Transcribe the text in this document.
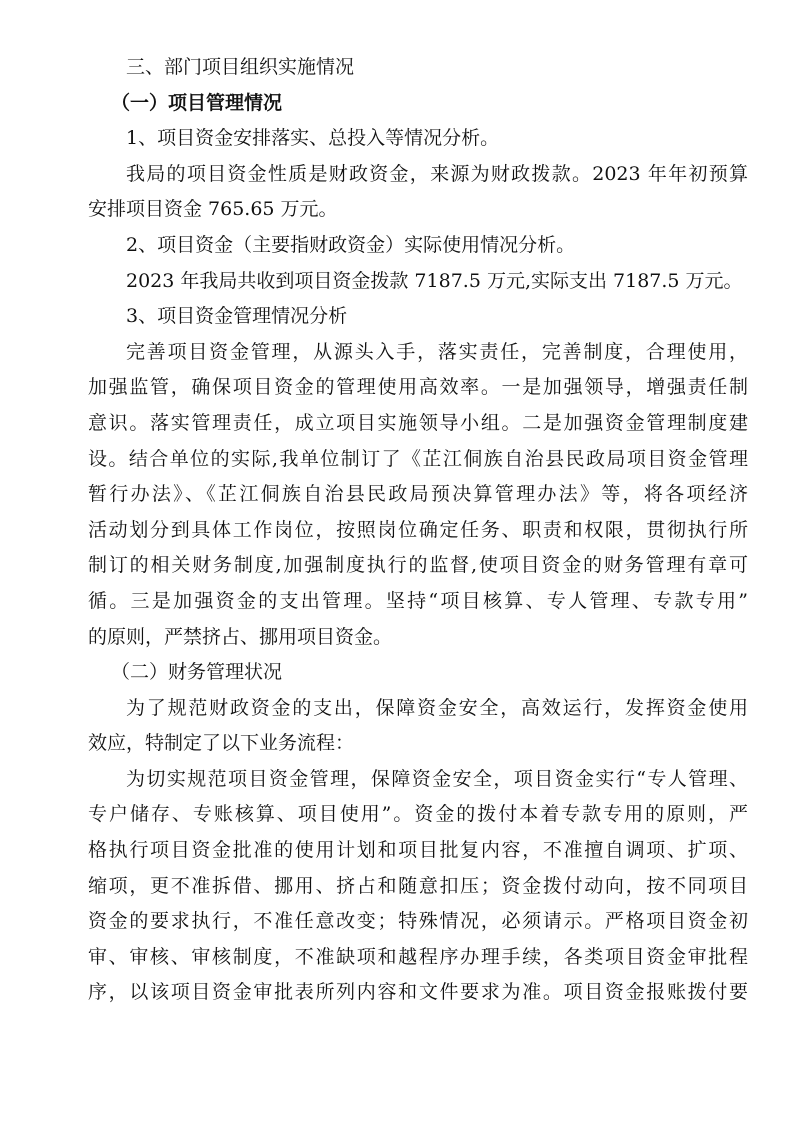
三、部门项目组织实施情况

（一）项目管理情况

1、项目资金安排落实、总投入等情况分析。

我局的项目资金性质是财政资金，来源为财政拨款。2023 年年初预算

安排项目资金 765.65 万元。

2、项目资金（主要指财政资金）实际使用情况分析。

2023 年我局共收到项目资金拨款 7187.5 万元,实际支出 7187.5 万元。

3、项目资金管理情况分析

完善项目资金管理，从源头入手，落实责任，完善制度，合理使用，

加强监管，确保项目资金的管理使用高效率。一是加强领导，增强责任制

意识。落实管理责任，成立项目实施领导小组。二是加强资金管理制度建

设。结合单位的实际,我单位制订了《芷江侗族自治县民政局项目资金管理

暂行办法》、《芷江侗族自治县民政局预决算管理办法》等，将各项经济

活动划分到具体工作岗位，按照岗位确定任务、职责和权限，贯彻执行所

制订的相关财务制度,加强制度执行的监督,使项目资金的财务管理有章可

循。三是加强资金的支出管理。坚持“项目核算、专人管理、专款专用”

的原则，严禁挤占、挪用项目资金。

（二）财务管理状况

为了规范财政资金的支出，保障资金安全，高效运行，发挥资金使用

效应，特制定了以下业务流程：

为切实规范项目资金管理，保障资金安全，项目资金实行“专人管理、

专户储存、专账核算、项目使用”。资金的拨付本着专款专用的原则，严

格执行项目资金批准的使用计划和项目批复内容，不准擅自调项、扩项、

缩项，更不准拆借、挪用、挤占和随意扣压；资金拨付动向，按不同项目

资金的要求执行，不准任意改变；特殊情况，必须请示。严格项目资金初

审、审核、审核制度，不准缺项和越程序办理手续，各类项目资金审批程

序，以该项目资金审批表所列内容和文件要求为准。项目资金报账拨付要
